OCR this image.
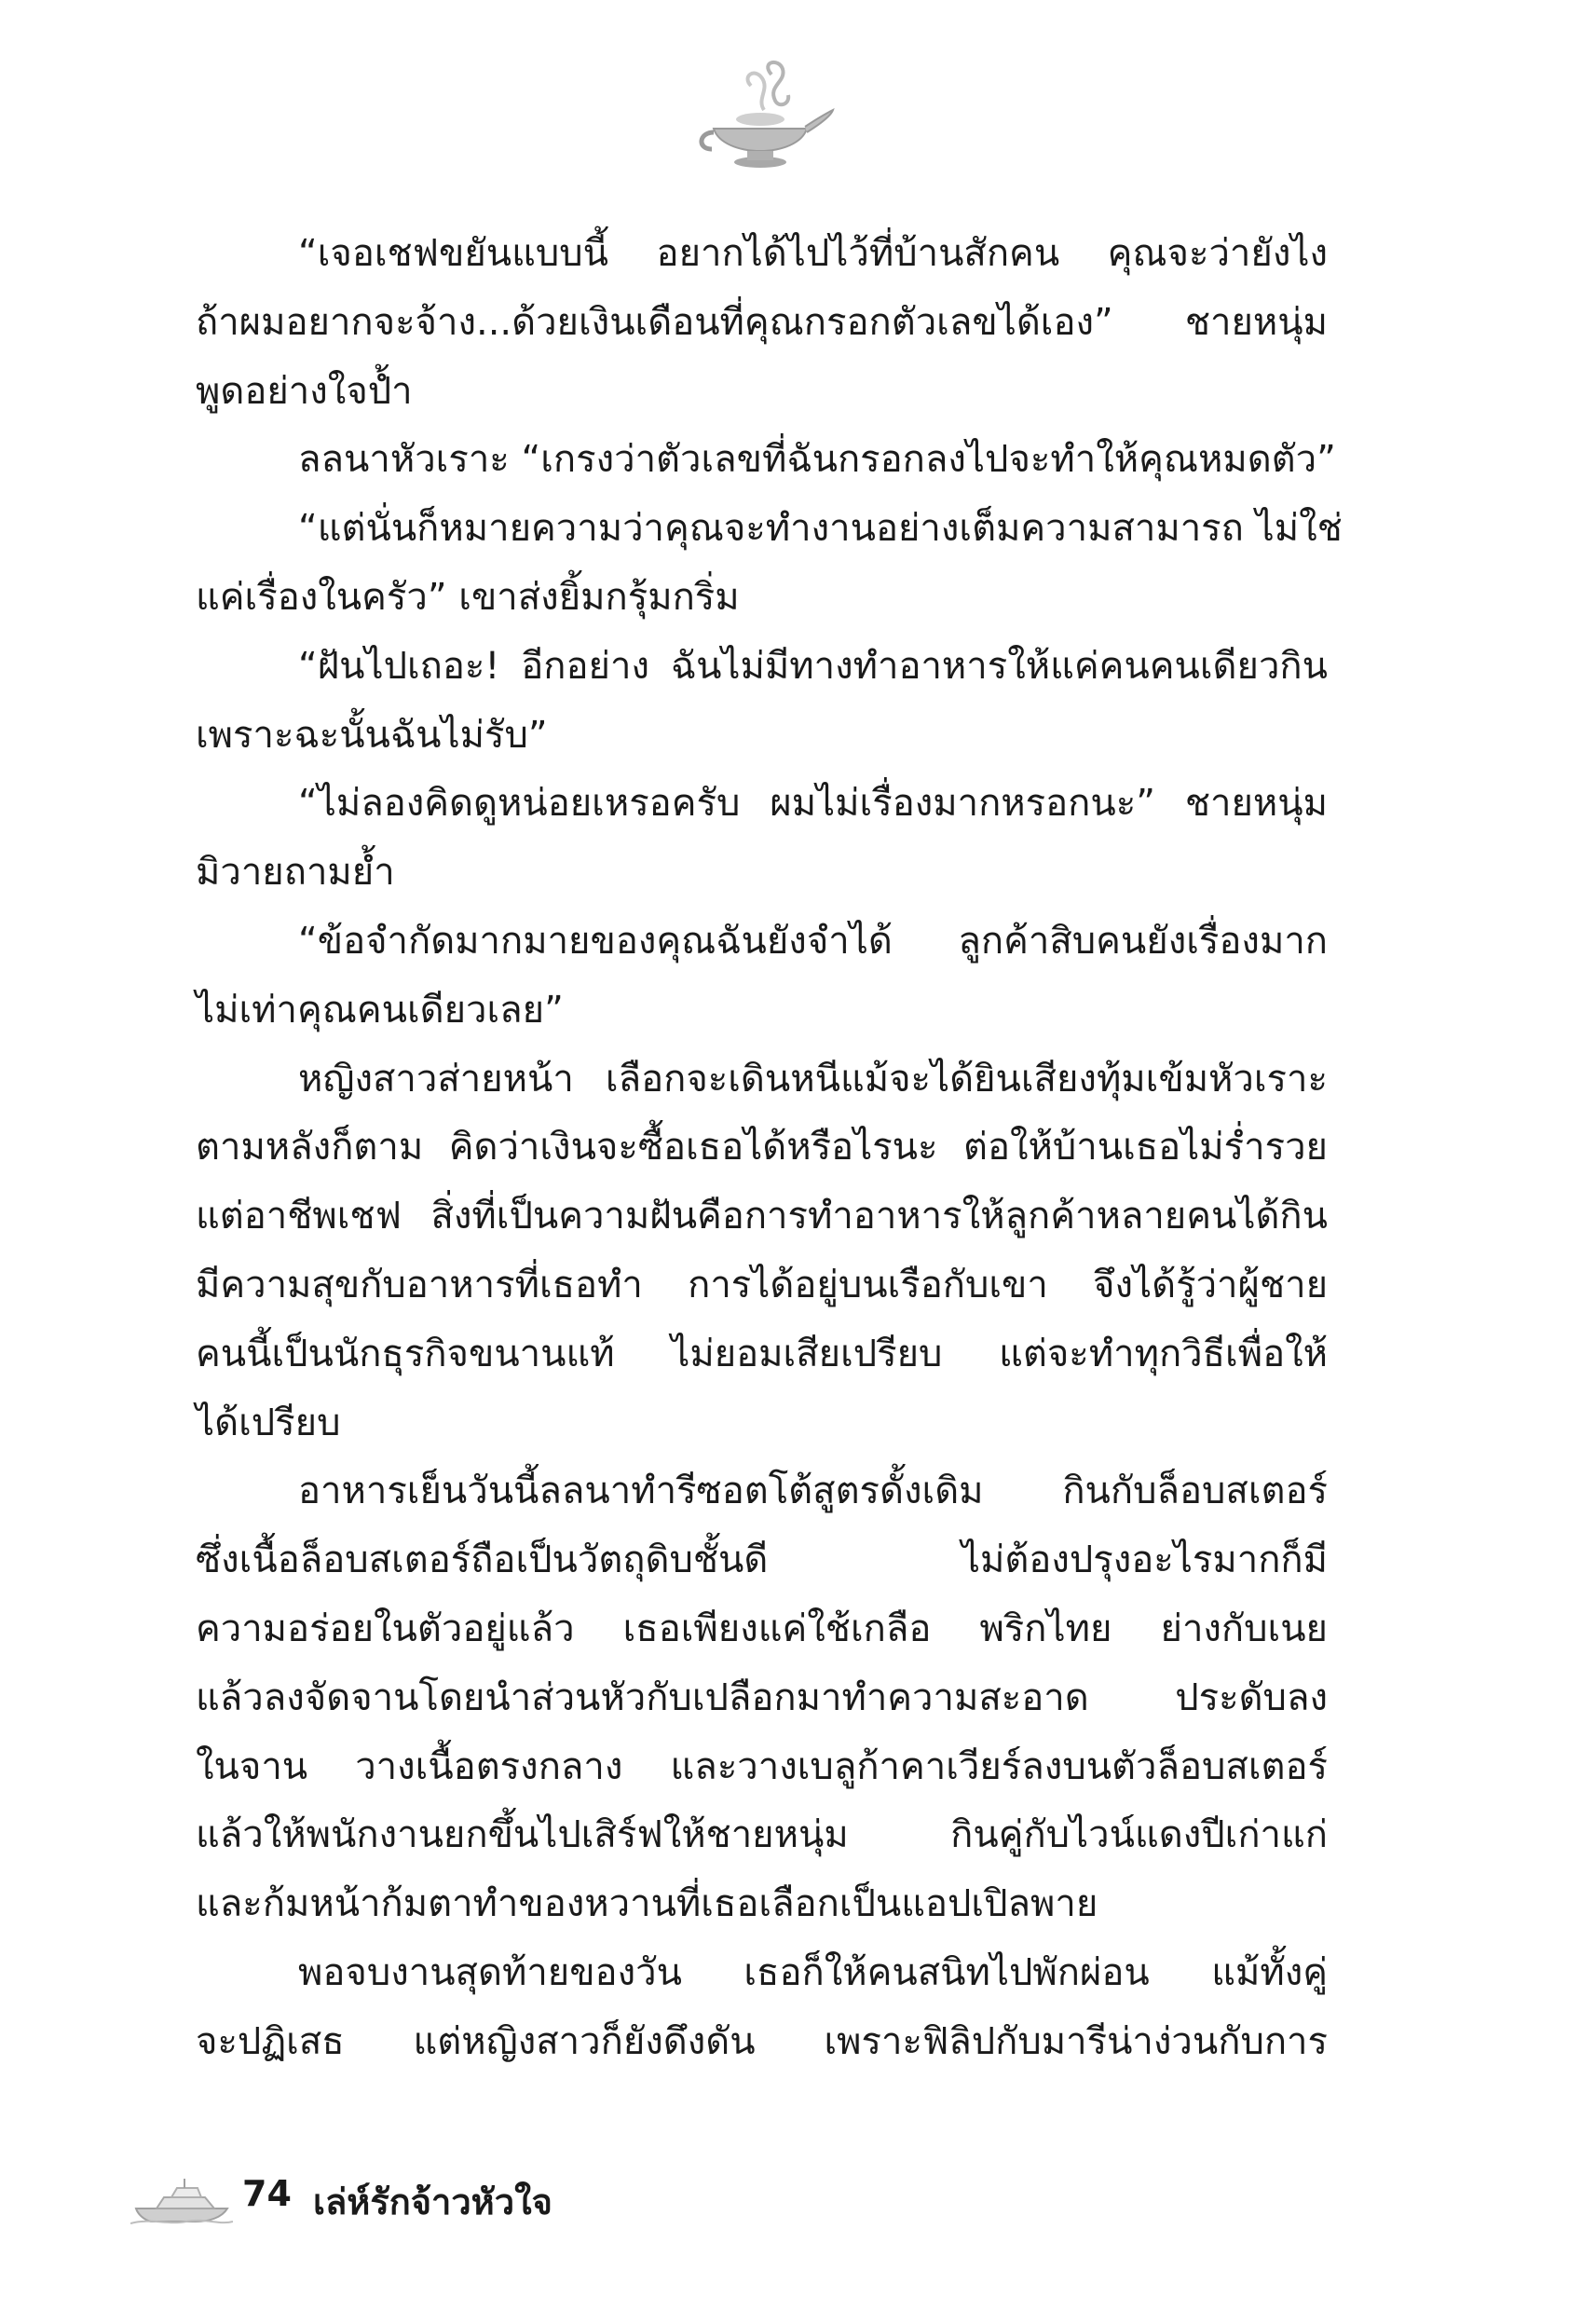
“เจอเชฟขยันแบบนี้ อยากได้ไปไว้ที่บ้านสักคน คุณจะว่ายังไง
ถ้าผมอยากจะจ้าง...ด้วยเงินเดือนที่คุณกรอกตัวเลขได้เอง” ชายหนุ่ม
พูดอย่างใจป้ำ

ลลนาหัวเราะ “เกรงว่าตัวเลขที่ฉันกรอกลงไปจะทำให้คุณหมดตัว”

“แต่นั่นก็หมายความว่าคุณจะทำงานอย่างเต็มความสามารถ ไม่ใช่
แค่เรื่องในครัว” เขาส่งยิ้มกรุ้มกริ่ม

“ฝันไปเถอะ! อีกอย่าง ฉันไม่มีทางทำอาหารให้แค่คนคนเดียวกิน
เพราะฉะนั้นฉันไม่รับ”

“ไม่ลองคิดดูหน่อยเหรอครับ ผมไม่เรื่องมากหรอกนะ” ชายหนุ่ม
มิวายถามย้ำ

“ข้อจำกัดมากมายของคุณฉันยังจำได้ ลูกค้าสิบคนยังเรื่องมาก
ไม่เท่าคุณคนเดียวเลย”

หญิงสาวส่ายหน้า เลือกจะเดินหนีแม้จะได้ยินเสียงทุ้มเข้มหัวเราะ
ตามหลังก็ตาม คิดว่าเงินจะซื้อเธอได้หรือไรนะ ต่อให้บ้านเธอไม่ร่ำรวย
แต่อาชีพเชฟ สิ่งที่เป็นความฝันคือการทำอาหารให้ลูกค้าหลายคนได้กิน
มีความสุขกับอาหารที่เธอทำ การได้อยู่บนเรือกับเขา จึงได้รู้ว่าผู้ชาย
คนนี้เป็นนักธุรกิจขนานแท้ ไม่ยอมเสียเปรียบ แต่จะทำทุกวิธีเพื่อให้
ได้เปรียบ

อาหารเย็นวันนี้ลลนาทำรีซอตโต้สูตรดั้งเดิม กินกับล็อบสเตอร์
ซึ่งเนื้อล็อบสเตอร์ถือเป็นวัตถุดิบชั้นดี ไม่ต้องปรุงอะไรมากก็มี
ความอร่อยในตัวอยู่แล้ว เธอเพียงแค่ใช้เกลือ พริกไทย ย่างกับเนย
แล้วลงจัดจานโดยนำส่วนหัวกับเปลือกมาทำความสะอาด ประดับลง
ในจาน วางเนื้อตรงกลาง และวางเบลูก้าคาเวียร์ลงบนตัวล็อบสเตอร์
แล้วให้พนักงานยกขึ้นไปเสิร์ฟให้ชายหนุ่ม กินคู่กับไวน์แดงปีเก่าแก่
และก้มหน้าก้มตาทำของหวานที่เธอเลือกเป็นแอปเปิลพาย

พอจบงานสุดท้ายของวัน เธอก็ให้คนสนิทไปพักผ่อน แม้ทั้งคู่
จะปฏิเสธ แต่หญิงสาวก็ยังดึงดัน เพราะฟิลิปกับมารีน่าง่วนกับการ

74 เล่ห์รักจ้าวหัวใจ
